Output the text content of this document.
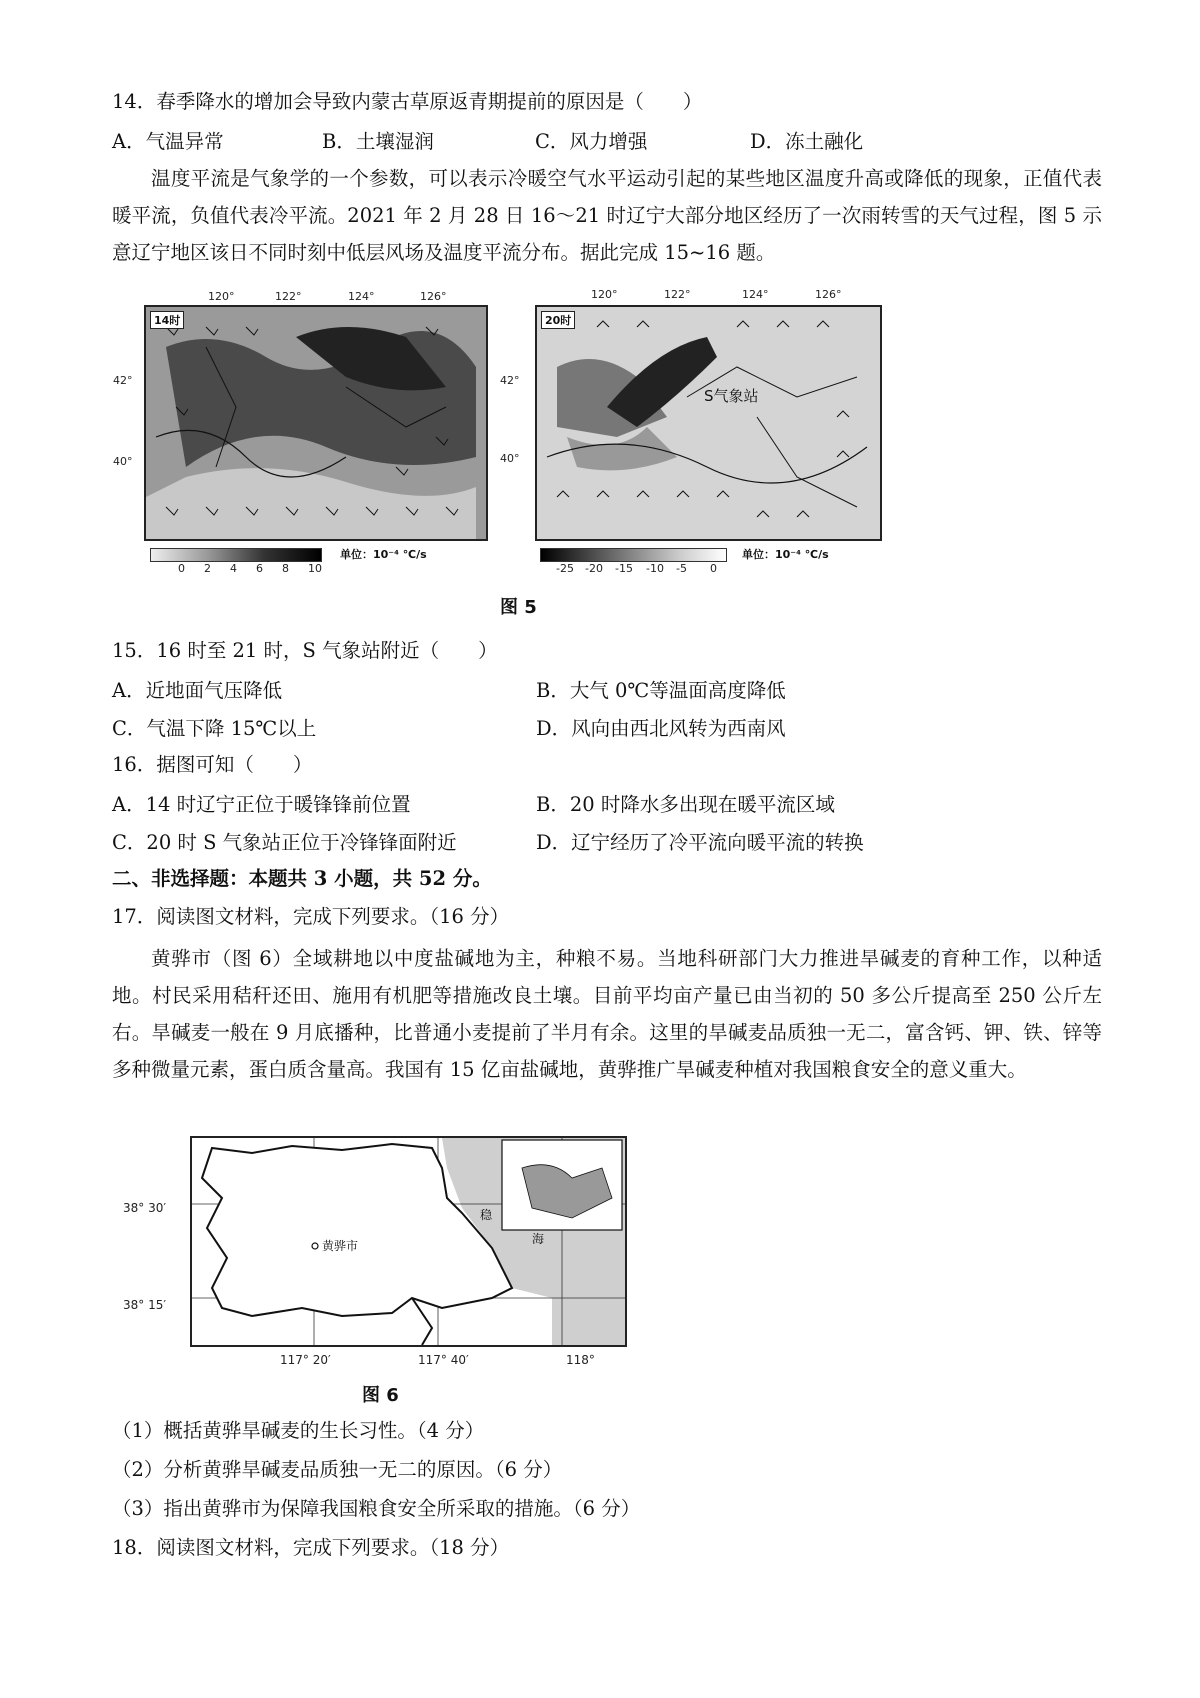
14．春季降水的增加会导致内蒙古草原返青期提前的原因是（　　）
A．气温异常	B．土壤湿润	C．风力增强	D．冻土融化
温度平流是气象学的一个参数，可以表示冷暖空气水平运动引起的某些地区温度升高或降低的现象，正值代表暖平流，负值代表冷平流。2021 年 2 月 28 日 16～21 时辽宁大部分地区经历了一次雨转雪的天气过程，图 5 示意辽宁地区该日不同时刻中低层风场及温度平流分布。据此完成 15~16 题。
120°	122°	124°	126°
42°
40°
14时
0 2 4 6 8 10
单位：10⁻⁴ ℃/s
120°	122°	124°	126°
42°
40°
20时
S气象站
-25 -20 -15 -10 -5 0
单位：10⁻⁴ ℃/s
图 5
15．16 时至 21 时，S 气象站附近（　　）
A．近地面气压降低	B．大气 0℃等温面高度降低
C．气温下降 15℃以上	D．风向由西北风转为西南风
16．据图可知（　　）
A．14 时辽宁正位于暖锋锋前位置	B．20 时降水多出现在暖平流区域
C．20 时 S 气象站正位于冷锋锋面附近	D．辽宁经历了冷平流向暖平流的转换
二、非选择题：本题共 3 小题，共 52 分。
17．阅读图文材料，完成下列要求。（16 分）
黄骅市（图 6）全域耕地以中度盐碱地为主，种粮不易。当地科研部门大力推进旱碱麦的育种工作，以种适地。村民采用秸秆还田、施用有机肥等措施改良土壤。目前平均亩产量已由当初的 50 多公斤提高至 250 公斤左右。旱碱麦一般在 9 月底播种，比普通小麦提前了半月有余。这里的旱碱麦品质独一无二，富含钙、钾、铁、锌等多种微量元素，蛋白质含量高。我国有 15 亿亩盐碱地，黄骅推广旱碱麦种植对我国粮食安全的意义重大。
38° 30′
38° 15′
黄骅市	海
稳
117° 20′	117° 40′	118°
图 6
（1）概括黄骅旱碱麦的生长习性。（4 分）
（2）分析黄骅旱碱麦品质独一无二的原因。（6 分）
（3）指出黄骅市为保障我国粮食安全所采取的措施。（6 分）
18．阅读图文材料，完成下列要求。（18 分）
